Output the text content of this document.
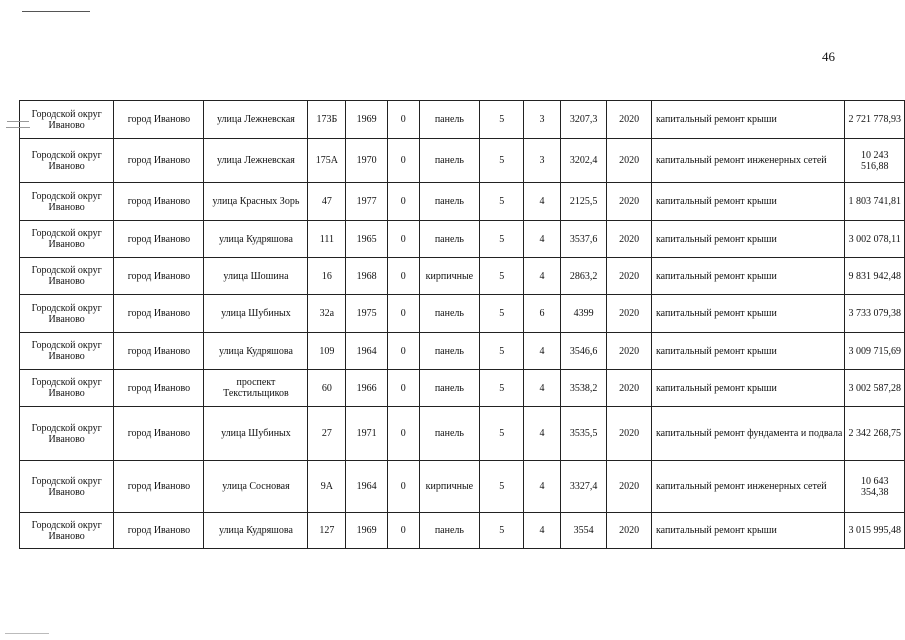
46
Городской округ Иваново	город Иваново	улица Лежневская	173Б	1969	0	панель	5	3	3207,3	2020	капитальный ремонт крыши	2 721 778,93
Городской округ Иваново	город Иваново	улица Лежневская	175А	1970	0	панель	5	3	3202,4	2020	капитальный ремонт инженерных сетей	10 243 516,88
Городской округ Иваново	город Иваново	улица Красных Зорь	47	1977	0	панель	5	4	2125,5	2020	капитальный ремонт крыши	1 803 741,81
Городской округ Иваново	город Иваново	улица Кудряшова	111	1965	0	панель	5	4	3537,6	2020	капитальный ремонт крыши	3 002 078,11
Городской округ Иваново	город Иваново	улица Шошина	16	1968	0	кирпичные	5	4	2863,2	2020	капитальный ремонт крыши	9 831 942,48
Городской округ Иваново	город Иваново	улица Шубиных	32а	1975	0	панель	5	6	4399	2020	капитальный ремонт крыши	3 733 079,38
Городской округ Иваново	город Иваново	улица Кудряшова	109	1964	0	панель	5	4	3546,6	2020	капитальный ремонт крыши	3 009 715,69
Городской округ Иваново	город Иваново	проспект Текстильщиков	60	1966	0	панель	5	4	3538,2	2020	капитальный ремонт крыши	3 002 587,28
Городской округ Иваново	город Иваново	улица Шубиных	27	1971	0	панель	5	4	3535,5	2020	капитальный ремонт фундамента и подвала	2 342 268,75
Городской округ Иваново	город Иваново	улица Сосновая	9А	1964	0	кирпичные	5	4	3327,4	2020	капитальный ремонт инженерных сетей	10 643 354,38
Городской округ Иваново	город Иваново	улица Кудряшова	127	1969	0	панель	5	4	3554	2020	капитальный ремонт крыши	3 015 995,48
